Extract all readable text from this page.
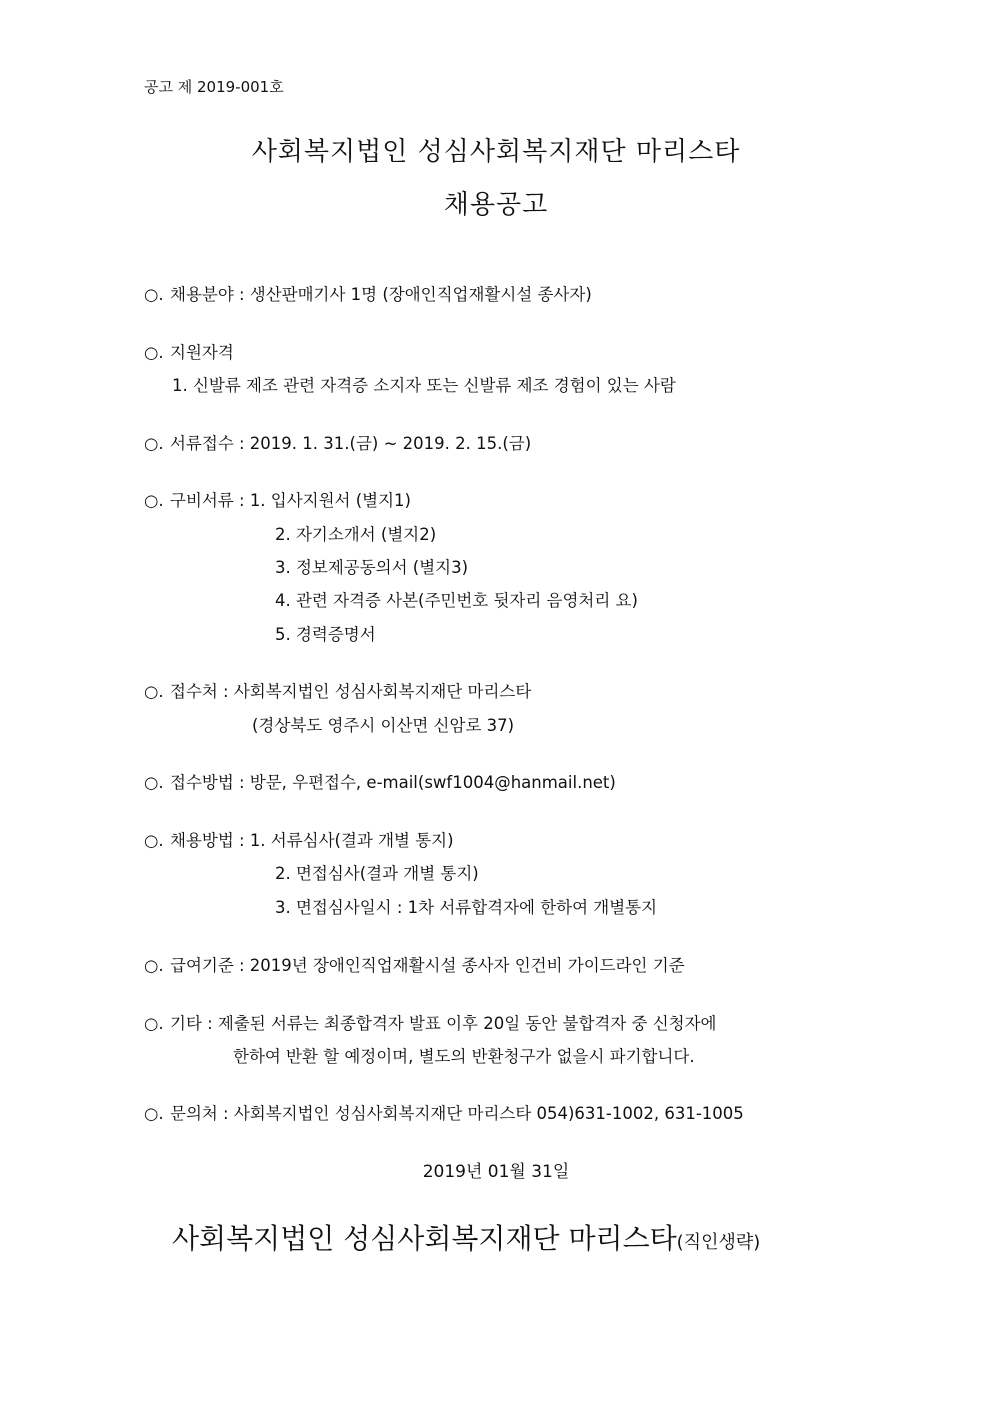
공고 제 2019-001호
사회복지법인 성심사회복지재단 마리스타
채용공고
○. 채용분야 : 생산판매기사 1명 (장애인직업재활시설 종사자)
○. 지원자격
1. 신발류 제조 관련 자격증 소지자 또는 신발류 제조 경험이 있는 사람
○. 서류접수 : 2019. 1. 31.(금) ~ 2019. 2. 15.(금)
○. 구비서류 : 1. 입사지원서 (별지1)
2. 자기소개서 (별지2)
3. 정보제공동의서 (별지3)
4. 관련 자격증 사본(주민번호 뒷자리 음영처리 요)
5. 경력증명서
○. 접수처 : 사회복지법인 성심사회복지재단 마리스타
(경상북도 영주시 이산면 신암로 37)
○. 접수방법 : 방문, 우편접수, e-mail(swf1004@hanmail.net)
○. 채용방법 : 1. 서류심사(결과 개별 통지)
2. 면접심사(결과 개별 통지)
3. 면접심사일시 : 1차 서류합격자에 한하여 개별통지
○. 급여기준 : 2019년 장애인직업재활시설 종사자 인건비 가이드라인 기준
○. 기타 : 제출된 서류는 최종합격자 발표 이후 20일 동안 불합격자 중 신청자에
한하여 반환 할 예정이며, 별도의 반환청구가 없을시 파기합니다.
○. 문의처 : 사회복지법인 성심사회복지재단 마리스타 054)631-1002, 631-1005
2019년 01월 31일
사회복지법인 성심사회복지재단 마리스타(직인생략)
